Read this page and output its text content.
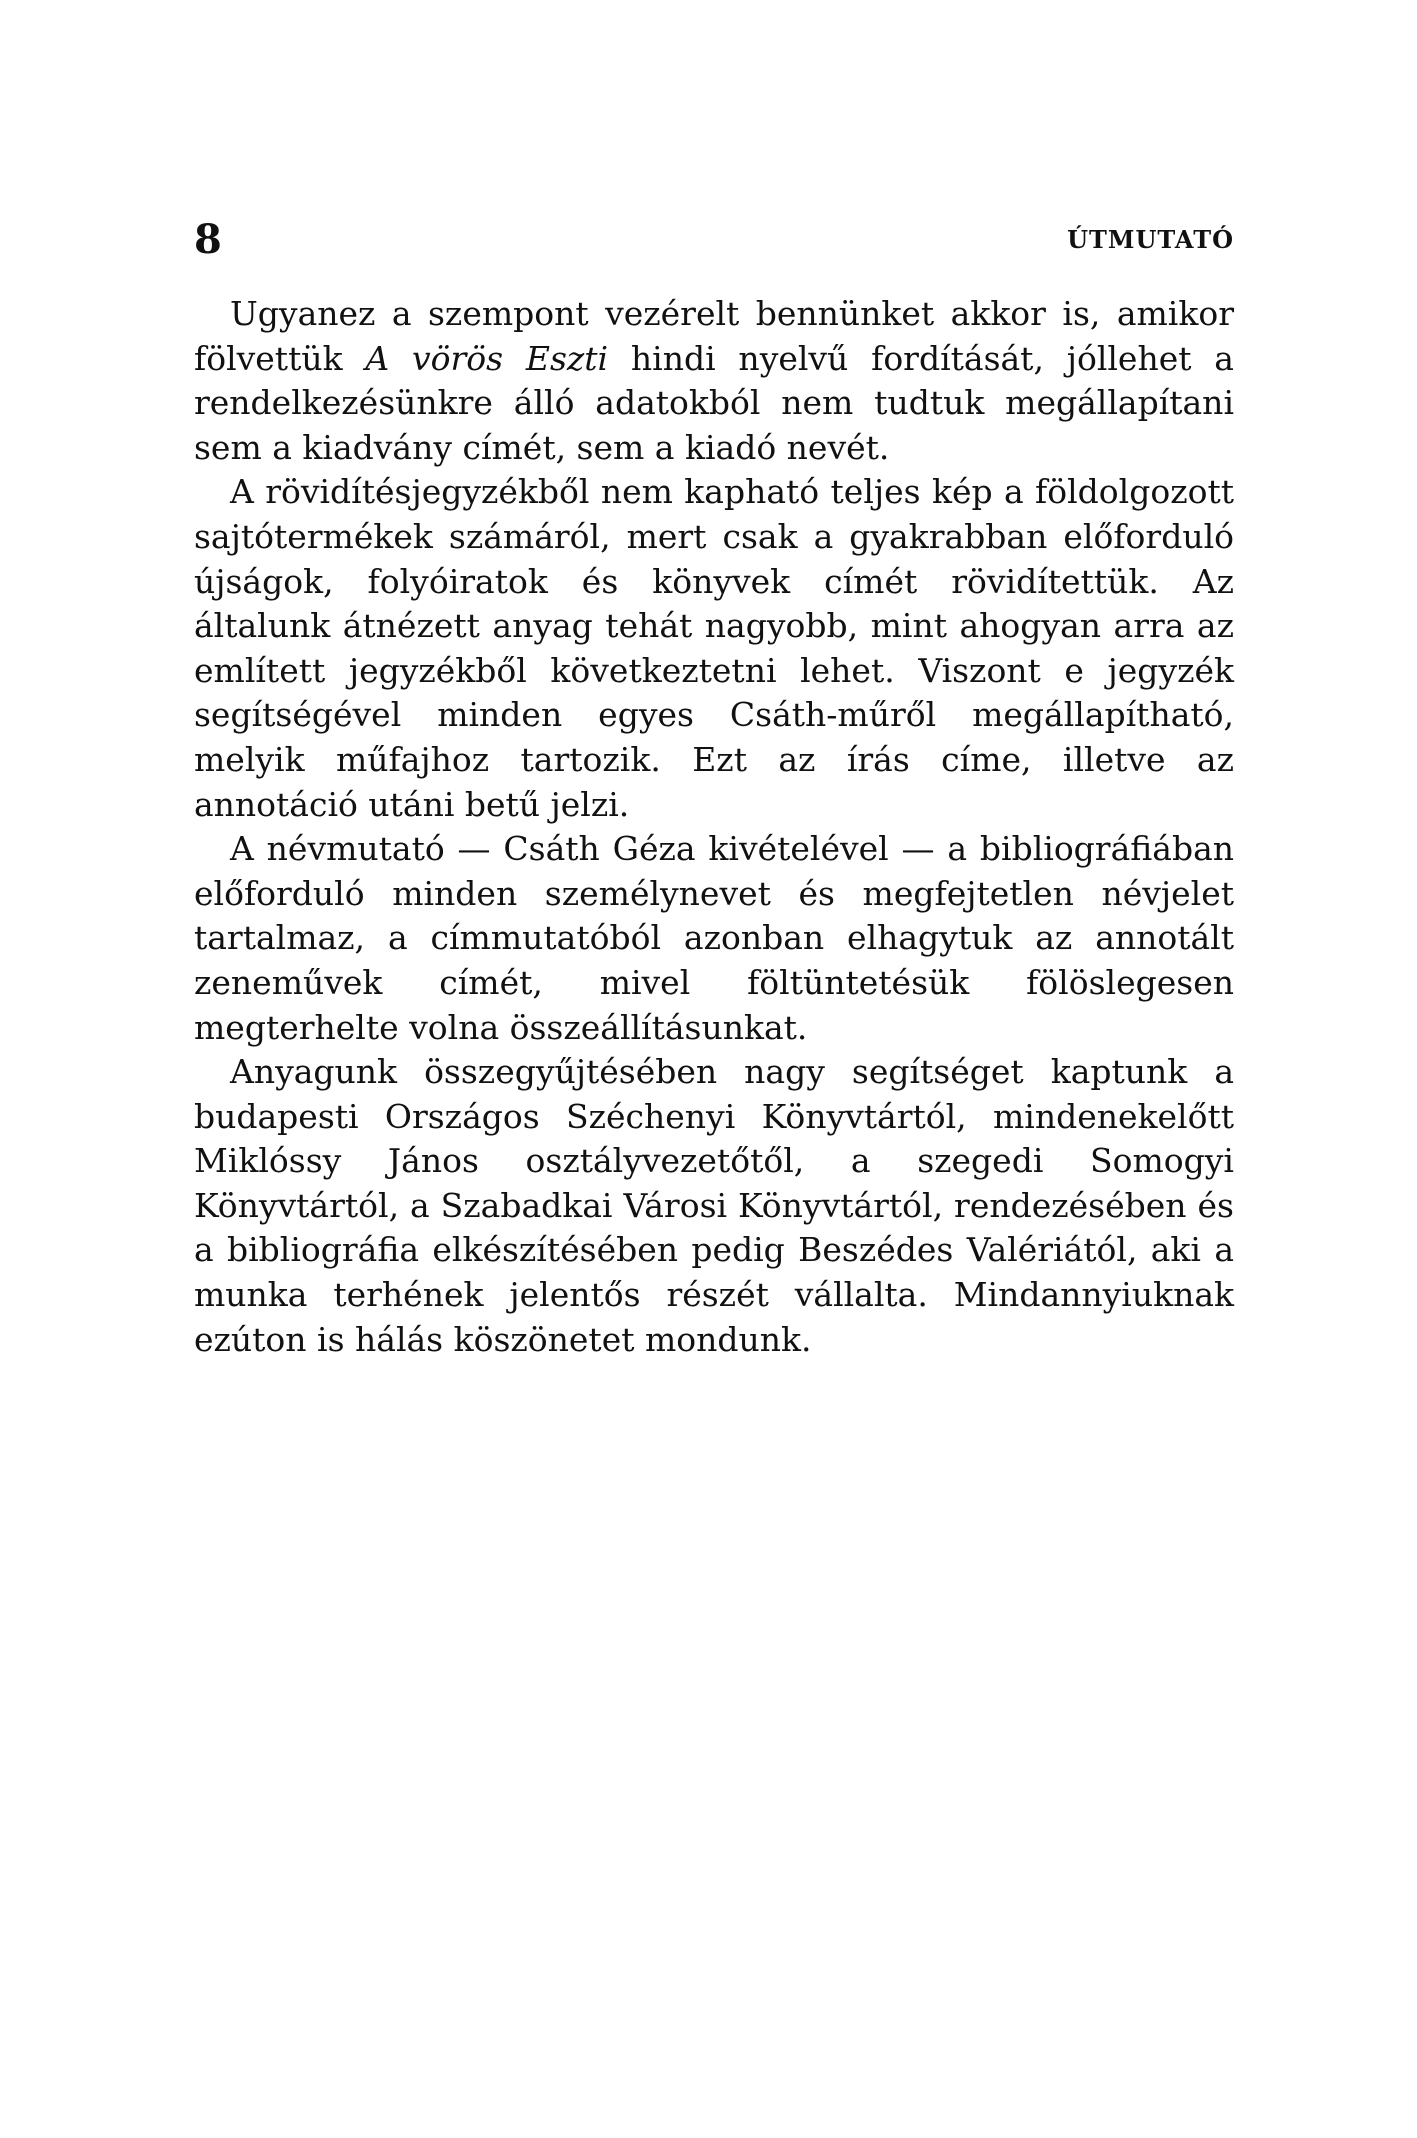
8	ÚTMUTATÓ

Ugyanez a szempont vezérelt bennünket akkor is, amikor fölvettük A vörös Eszti hindi nyelvű fordítását, jóllehet a rendelkezésünkre álló adatokból nem tudtuk megállapítani sem a kiadvány címét, sem a kiadó nevét.

A rövidítésjegyzékből nem kapható teljes kép a földolgozott sajtótermékek számáról, mert csak a gyakrabban előforduló újságok, folyóiratok és könyvek címét rövidítettük. Az általunk átnézett anyag tehát nagyobb, mint ahogyan arra az említett jegyzékből következtetni lehet. Viszont e jegyzék segítségével minden egyes Csáth-műről megállapítható, melyik műfajhoz tartozik. Ezt az írás címe, illetve az annotáció utáni betű jelzi.

A névmutató — Csáth Géza kivételével — a bibliográfiában előforduló minden személynevet és megfejtetlen névjelet tartalmaz, a címmutatóból azonban elhagytuk az annotált zeneművek címét, mivel föltüntetésük fölöslegesen megterhelte volna összeállításunkat.

Anyagunk összegyűjtésében nagy segítséget kaptunk a budapesti Országos Széchenyi Könyvtártól, mindenekelőtt Miklóssy János osztályvezetőtől, a szegedi Somogyi Könyvtártól, a Szabadkai Városi Könyvtártól, rendezésében és a bibliográfia elkészítésében pedig Beszédes Valériától, aki a munka terhének jelentős részét vállalta. Mindannyiuknak ezúton is hálás köszönetet mondunk.
